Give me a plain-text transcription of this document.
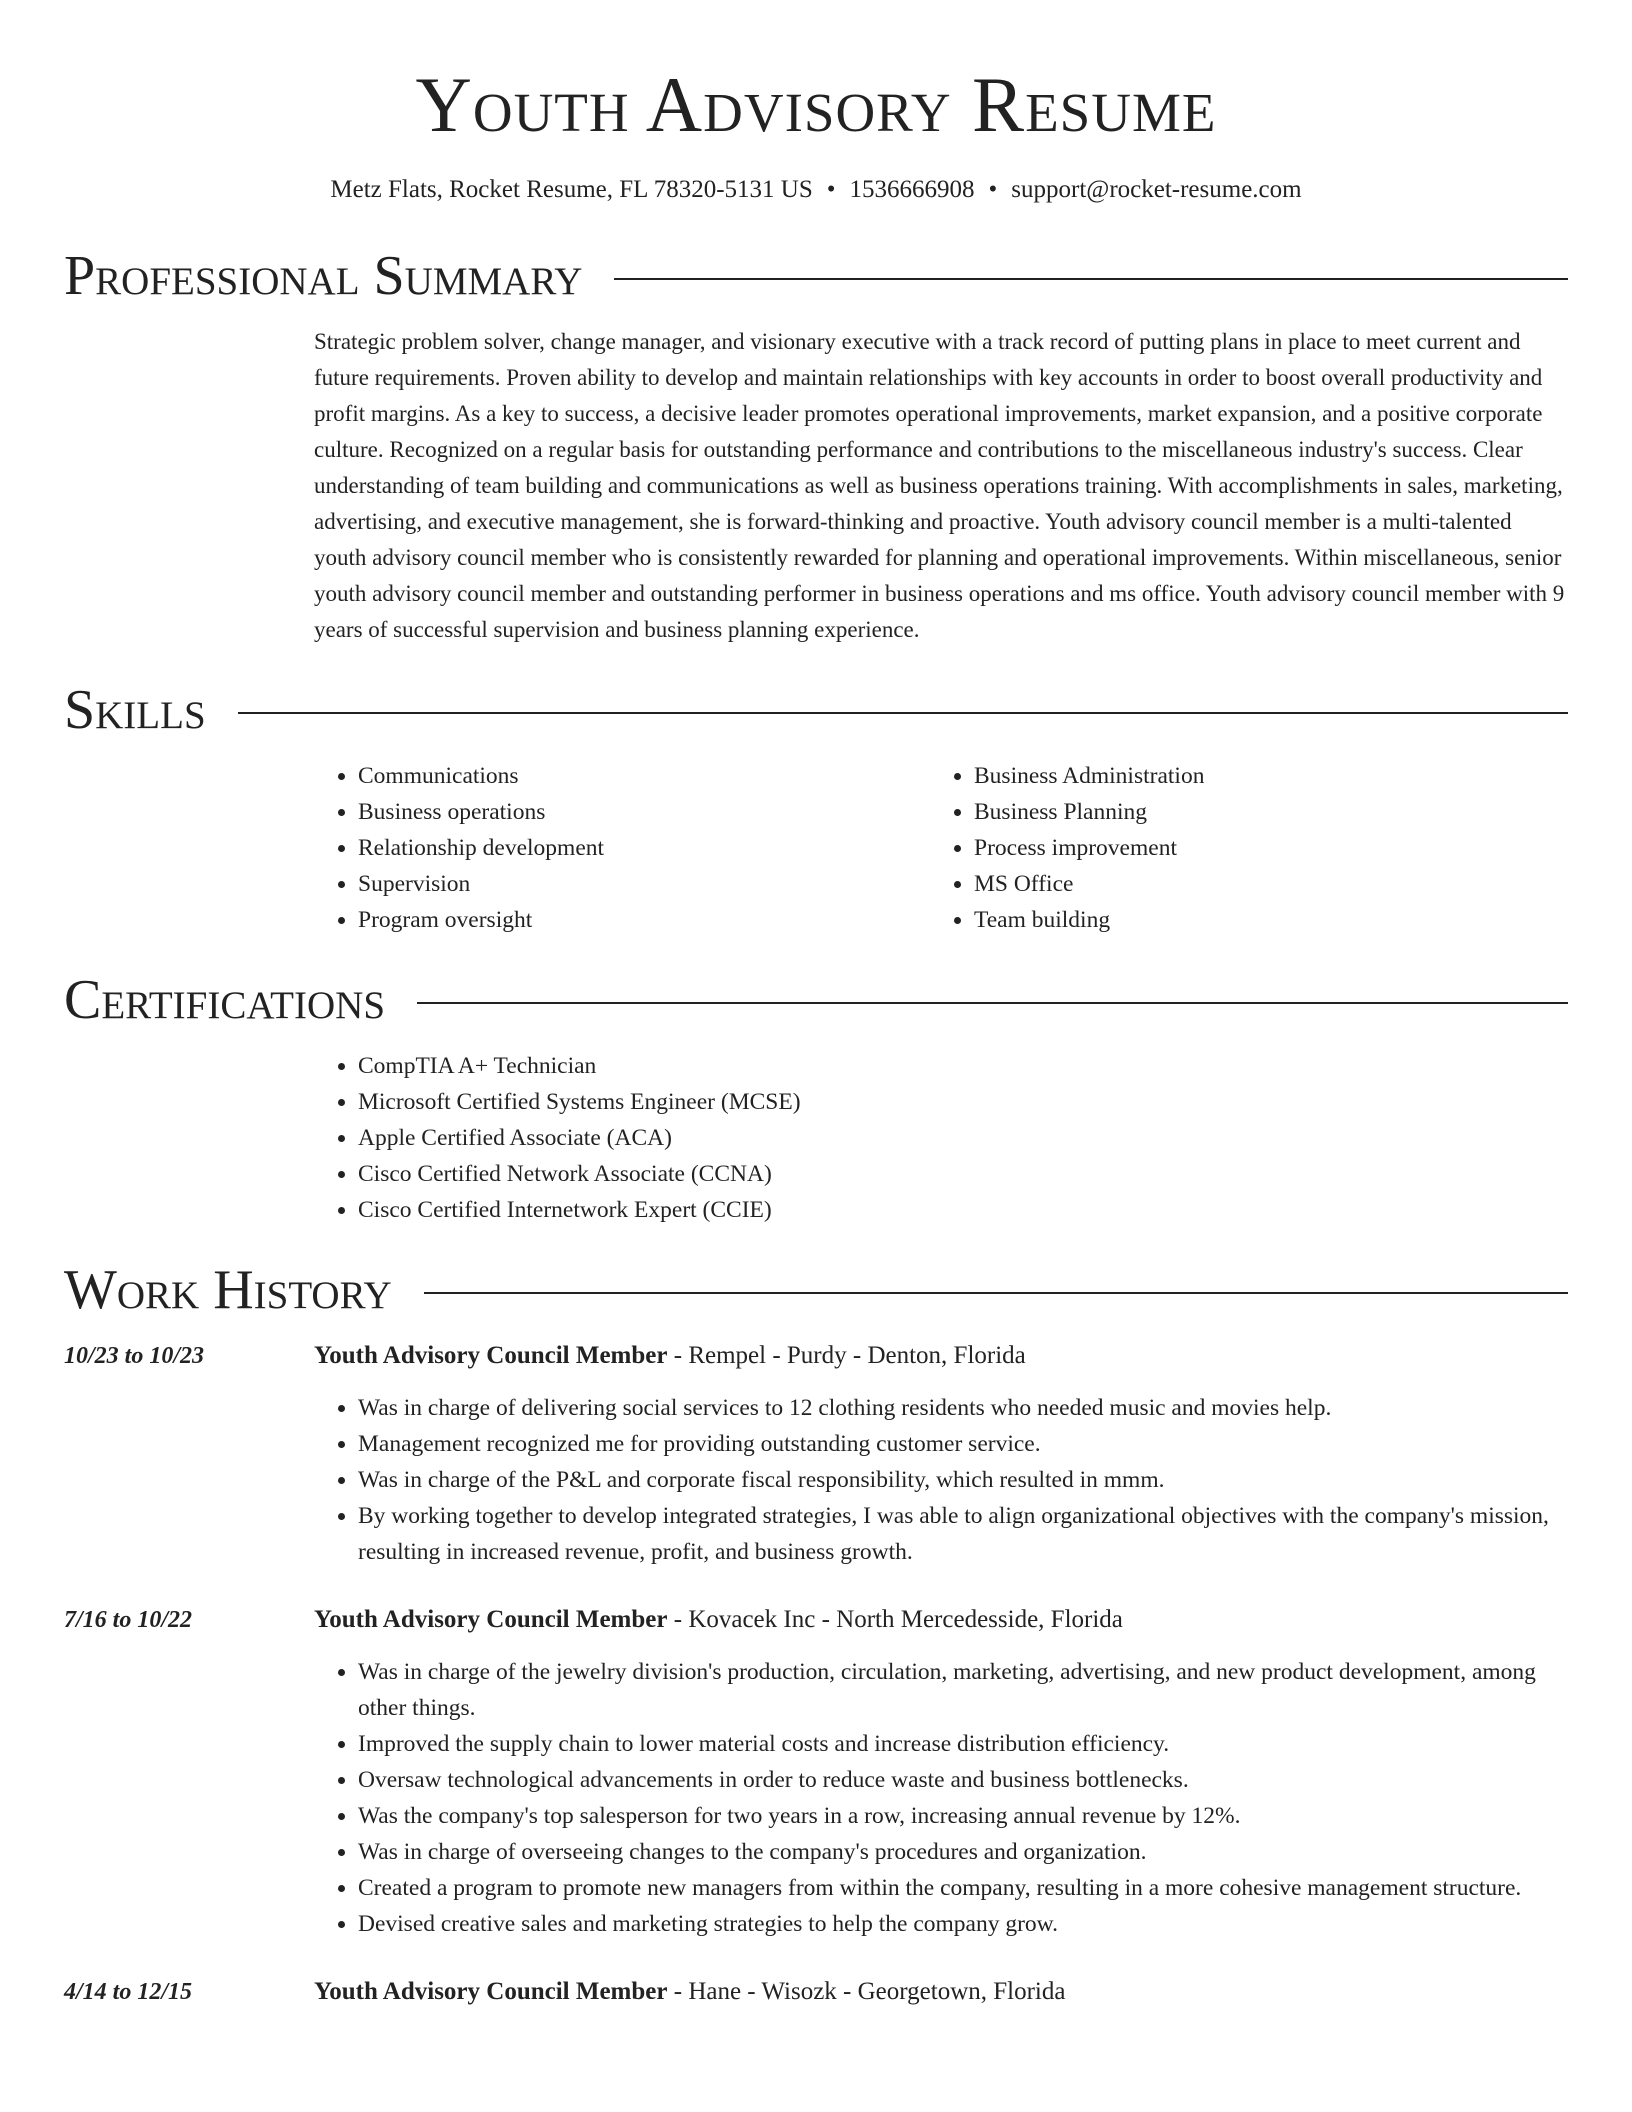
Youth Advisory Resume
Metz Flats, Rocket Resume, FL 78320-5131 US • 1536666908 • support@rocket-resume.com
Professional Summary

Strategic problem solver, change manager, and visionary executive with a track record of putting plans in place to meet current and future requirements. Proven ability to develop and maintain relationships with key accounts in order to boost overall productivity and profit margins. As a key to success, a decisive leader promotes operational improvements, market expansion, and a positive corporate culture. Recognized on a regular basis for outstanding performance and contributions to the miscellaneous industry's success. Clear understanding of team building and communications as well as business operations training. With accomplishments in sales, marketing, advertising, and executive management, she is forward-thinking and proactive. Youth advisory council member is a multi-talented youth advisory council member who is consistently rewarded for planning and operational improvements. Within miscellaneous, senior youth advisory council member and outstanding performer in business operations and ms office. Youth advisory council member with 9 years of successful supervision and business planning experience.

Skills
• Communications
• Business operations
• Relationship development
• Supervision
• Program oversight
• Business Administration
• Business Planning
• Process improvement
• MS Office
• Team building
Certifications
• CompTIA A+ Technician
• Microsoft Certified Systems Engineer (MCSE)
• Apple Certified Associate (ACA)
• Cisco Certified Network Associate (CCNA)
• Cisco Certified Internetwork Expert (CCIE)
Work History
10/23 to 10/23	Youth Advisory Council Member - Rempel - Purdy - Denton, Florida
• Was in charge of delivering social services to 12 clothing residents who needed music and movies help.
• Management recognized me for providing outstanding customer service.
• Was in charge of the P&L and corporate fiscal responsibility, which resulted in mmm.
• By working together to develop integrated strategies, I was able to align organizational objectives with the company's mission, resulting in increased revenue, profit, and business growth.
7/16 to 10/22	Youth Advisory Council Member - Kovacek Inc - North Mercedesside, Florida
• Was in charge of the jewelry division's production, circulation, marketing, advertising, and new product development, among other things.
• Improved the supply chain to lower material costs and increase distribution efficiency.
• Oversaw technological advancements in order to reduce waste and business bottlenecks.
• Was the company's top salesperson for two years in a row, increasing annual revenue by 12%.
• Was in charge of overseeing changes to the company's procedures and organization.
• Created a program to promote new managers from within the company, resulting in a more cohesive management structure.
• Devised creative sales and marketing strategies to help the company grow.
4/14 to 12/15	Youth Advisory Council Member - Hane - Wisozk - Georgetown, Florida
